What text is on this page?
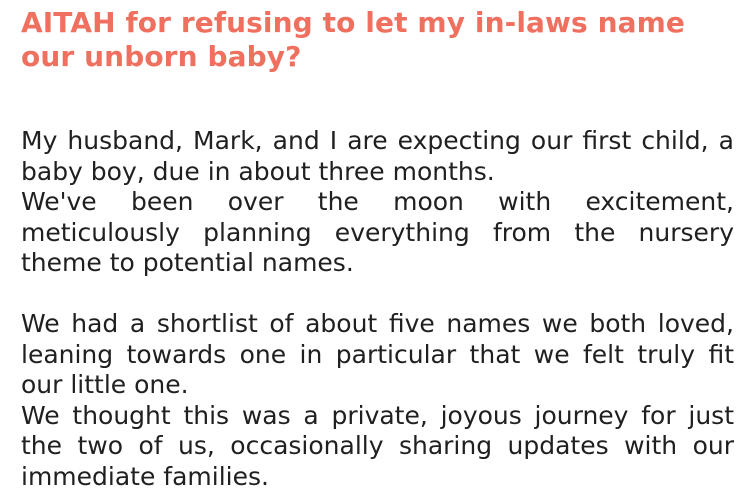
AITAH for refusing to let my in-laws name our unborn baby?

My husband, Mark, and I are expecting our first child, a baby boy, due in about three months.

We've been over the moon with excitement, meticulously planning everything from the nursery theme to potential names.

We had a shortlist of about five names we both loved, leaning towards one in particular that we felt truly fit our little one.

We thought this was a private, joyous journey for just the two of us, occasionally sharing updates with our immediate families.
